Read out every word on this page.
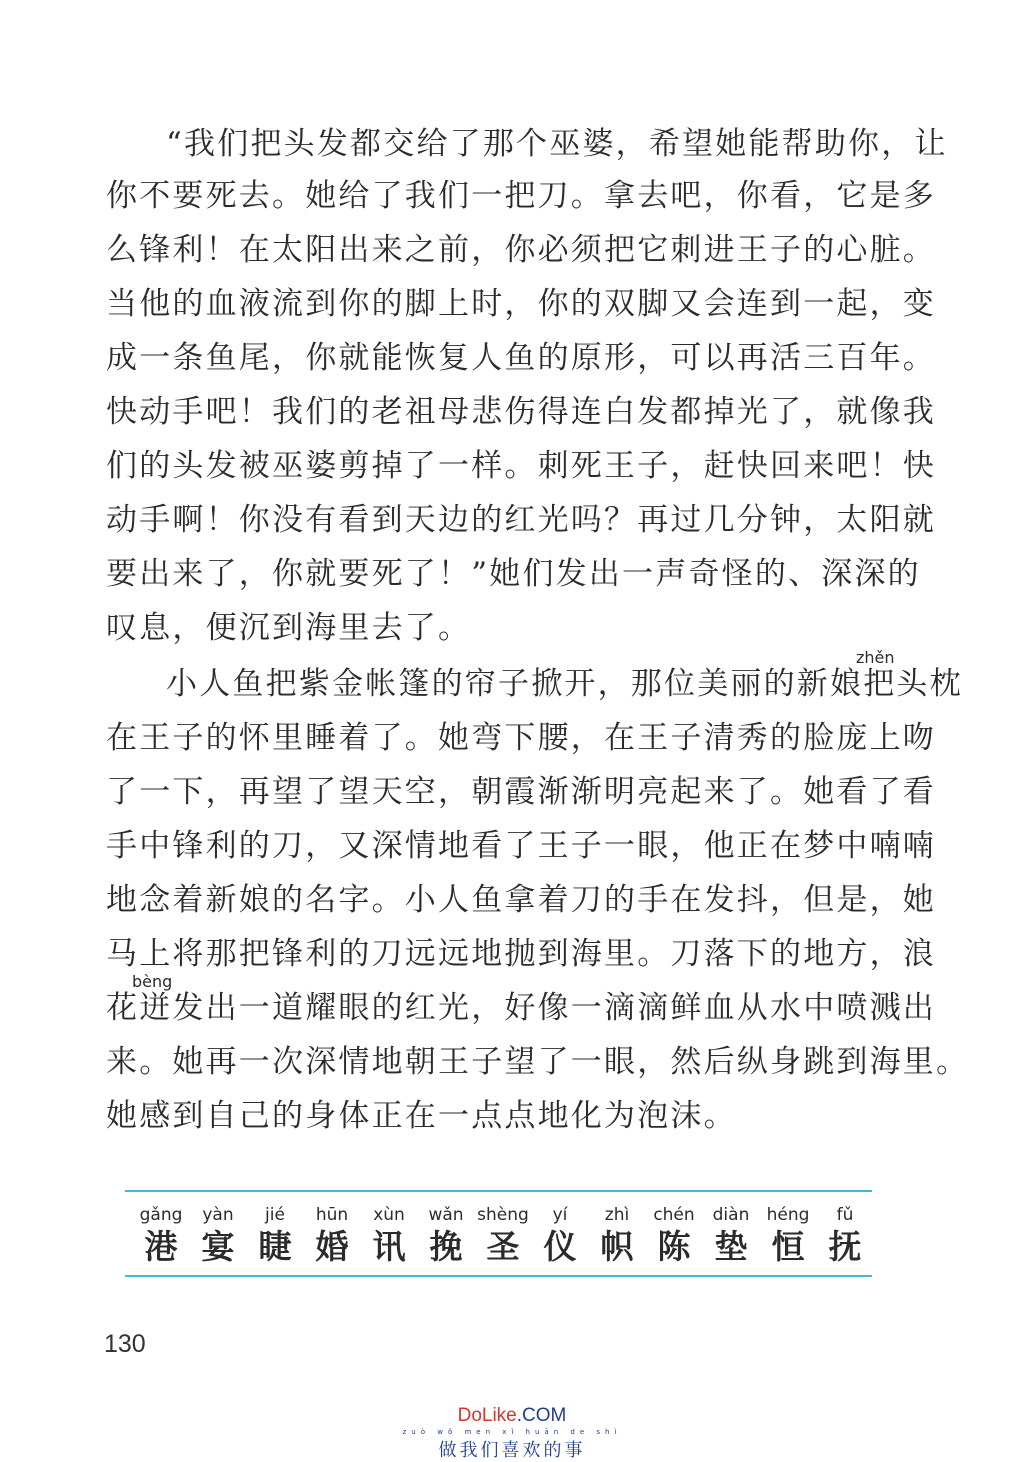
“我们把头发都交给了那个巫婆，希望她能帮助你，让
你不要死去。她给了我们一把刀。拿去吧，你看，它是多
么锋利！在太阳出来之前，你必须把它刺进王子的心脏。
当他的血液流到你的脚上时，你的双脚又会连到一起，变
成一条鱼尾，你就能恢复人鱼的原形，可以再活三百年。
快动手吧！我们的老祖母悲伤得连白发都掉光了，就像我
们的头发被巫婆剪掉了一样。刺死王子，赶快回来吧！快
动手啊！你没有看到天边的红光吗？再过几分钟，太阳就
要出来了，你就要死了！”她们发出一声奇怪的、深深的
叹息，便沉到海里去了。
zhěn
小人鱼把紫金帐篷的帘子掀开，那位美丽的新娘把头枕
在王子的怀里睡着了。她弯下腰，在王子清秀的脸庞上吻
了一下，再望了望天空，朝霞渐渐明亮起来了。她看了看
手中锋利的刀，又深情地看了王子一眼，他正在梦中喃喃
地念着新娘的名字。小人鱼拿着刀的手在发抖，但是，她
马上将那把锋利的刀远远地抛到海里。刀落下的地方，浪
bèng
花迸发出一道耀眼的红光，好像一滴滴鲜血从水中喷溅出
来。她再一次深情地朝王子望了一眼，然后纵身跳到海里。
她感到自己的身体正在一点点地化为泡沫。
gǎng
港
yàn
宴
jié
睫
hūn
婚
xùn
讯
wǎn
挽
shèng
圣
yí
仪
zhì
帜
chén
陈
diàn
垫
héng
恒
fǔ
抚
130
DoLike.COM
zuò wǒ men xǐ huān de shì
做我们喜欢的事
